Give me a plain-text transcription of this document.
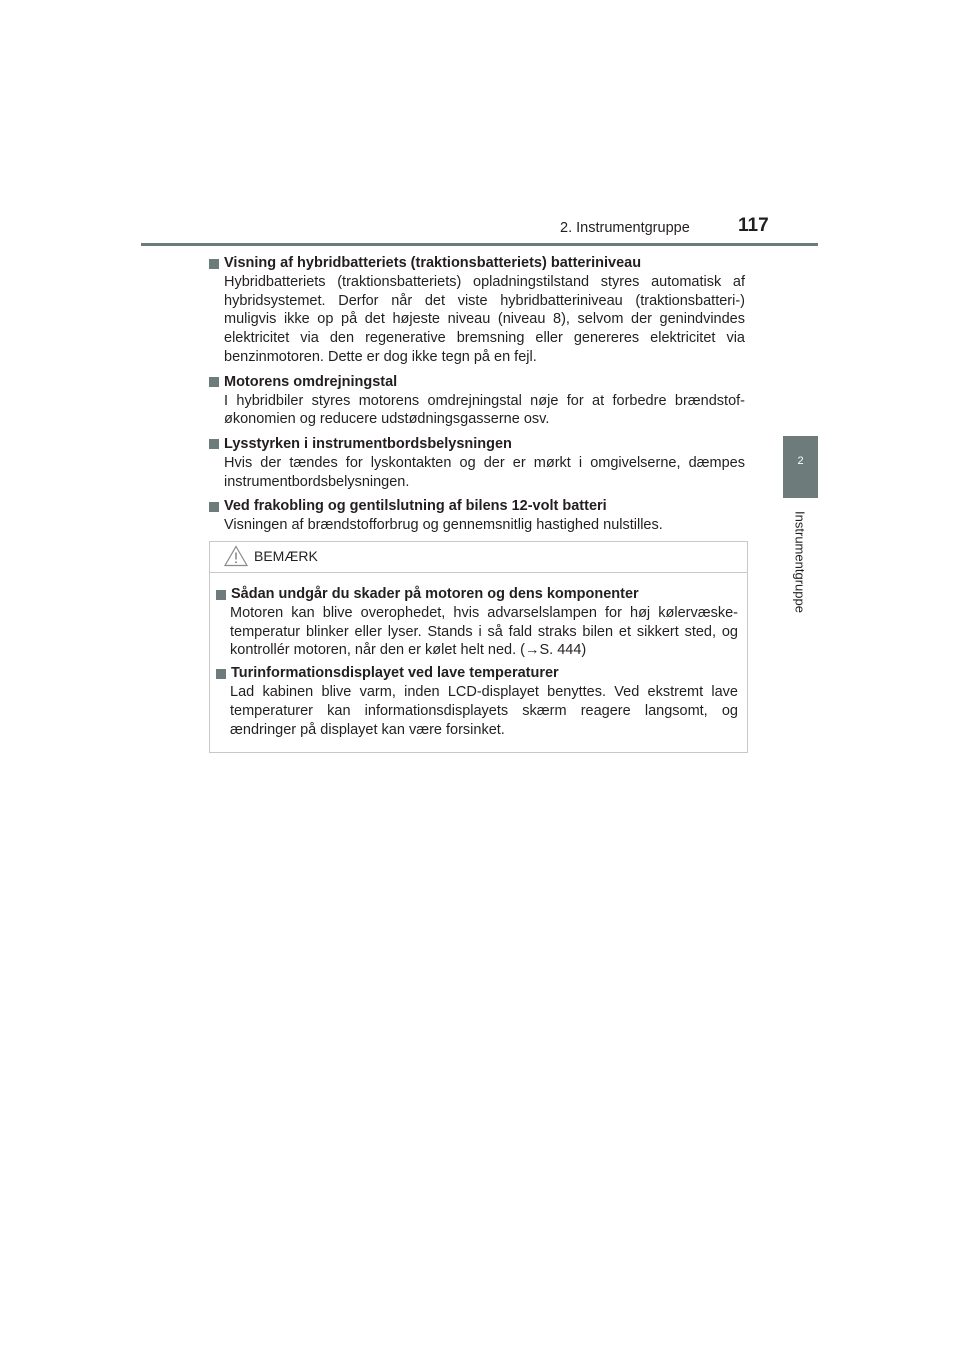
2. Instrumentgruppe	117
2
Instrumentgruppe
Visning af hybridbatteriets (traktionsbatteriets) batteriniveau
Hybridbatteriets (traktionsbatteriets) opladningstilstand styres automatisk af hybridsystemet. Derfor når det viste hybridbatteriniveau (traktionsbatteri-) muligvis ikke op på det højeste niveau (niveau 8), selvom der genindvindes elektricitet via den regenerative bremsning eller genereres elektricitet via benzinmotoren. Dette er dog ikke tegn på en fejl.
Motorens omdrejningstal
I hybridbiler styres motorens omdrejningstal nøje for at forbedre brændstof-økonomien og reducere udstødningsgasserne osv.
Lysstyrken i instrumentbordsbelysningen
Hvis der tændes for lyskontakten og der er mørkt i omgivelserne, dæmpes instrumentbordsbelysningen.
Ved frakobling og gentilslutning af bilens 12-volt batteri
Visningen af brændstofforbrug og gennemsnitlig hastighed nulstilles.
BEMÆRK
Sådan undgår du skader på motoren og dens komponenter
Motoren kan blive overophedet, hvis advarselslampen for høj kølervæske-temperatur blinker eller lyser. Stands i så fald straks bilen et sikkert sted, og kontrollér motoren, når den er kølet helt ned. (→S. 444)
Turinformationsdisplayet ved lave temperaturer
Lad kabinen blive varm, inden LCD-displayet benyttes. Ved ekstremt lave temperaturer kan informationsdisplayets skærm reagere langsomt, og ændringer på displayet kan være forsinket.
